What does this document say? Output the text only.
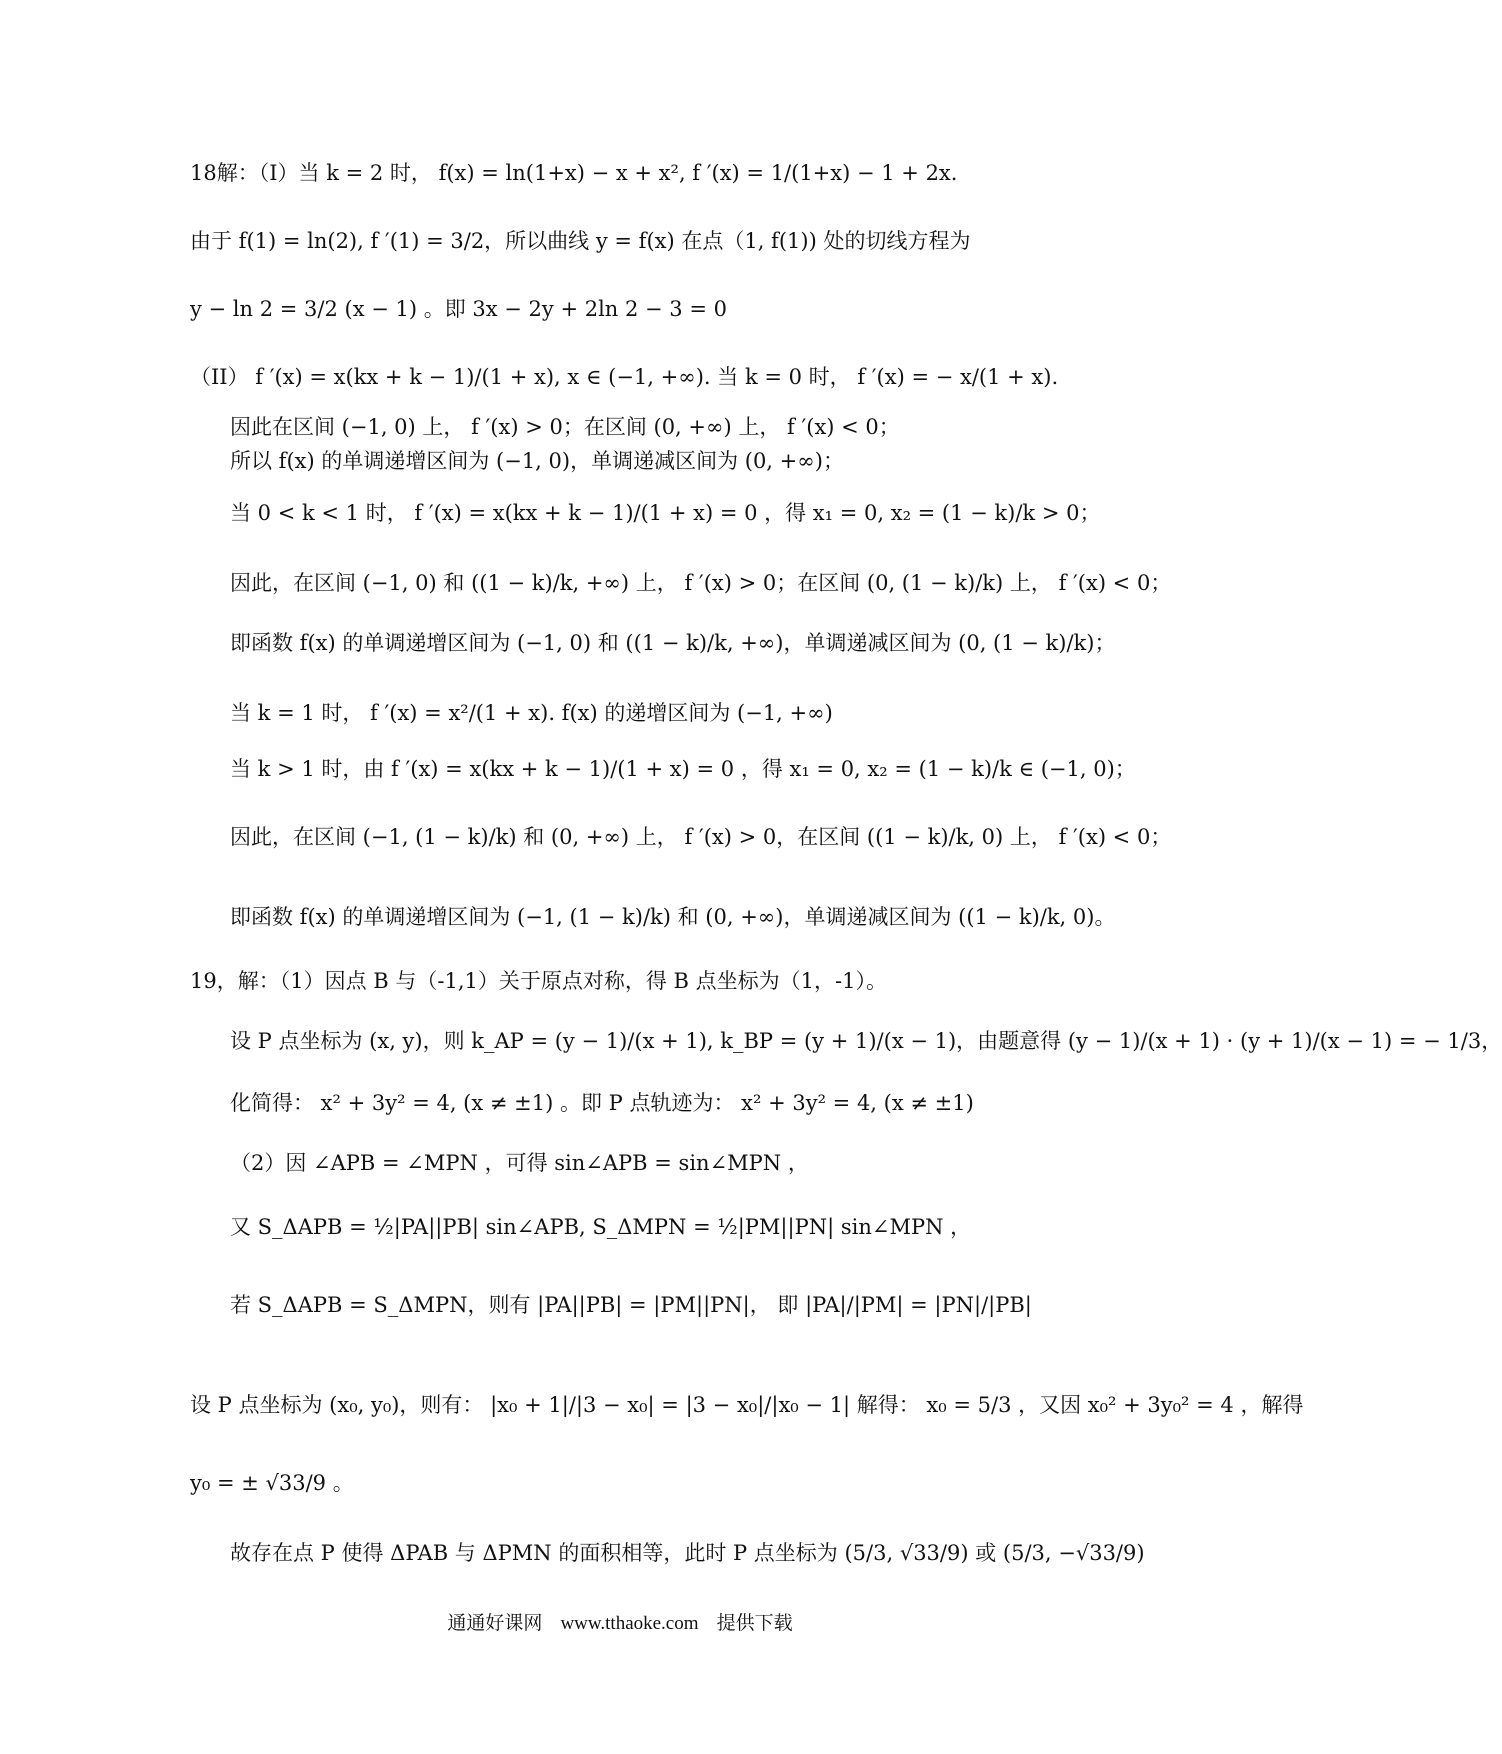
18解：（I）当 k = 2 时， f(x) = ln(1+x) − x + x², f ′(x) = 1/(1+x) − 1 + 2x.
由于 f(1) = ln(2), f ′(1) = 3/2，所以曲线 y = f(x) 在点（1, f(1)) 处的切线方程为
y − ln 2 = 3/2 (x − 1) 。即 3x − 2y + 2ln 2 − 3 = 0
（II） f ′(x) = x(kx + k − 1)/(1 + x), x ∈ (−1, +∞). 当 k = 0 时， f ′(x) = − x/(1 + x).
因此在区间 (−1, 0) 上， f ′(x) > 0；在区间 (0, +∞) 上， f ′(x) < 0；
所以 f(x) 的单调递增区间为 (−1, 0)，单调递减区间为 (0, +∞)；
当 0 < k < 1 时， f ′(x) = x(kx + k − 1)/(1 + x) = 0 ，得 x₁ = 0, x₂ = (1 − k)/k > 0；
因此，在区间 (−1, 0) 和 ((1 − k)/k, +∞) 上， f ′(x) > 0；在区间 (0, (1 − k)/k) 上， f ′(x) < 0；
即函数 f(x) 的单调递增区间为 (−1, 0) 和 ((1 − k)/k, +∞)，单调递减区间为 (0, (1 − k)/k)；
当 k = 1 时， f ′(x) = x²/(1 + x). f(x) 的递增区间为 (−1, +∞)
当 k > 1 时，由 f ′(x) = x(kx + k − 1)/(1 + x) = 0 ，得 x₁ = 0, x₂ = (1 − k)/k ∈ (−1, 0)；
因此，在区间 (−1, (1 − k)/k) 和 (0, +∞) 上， f ′(x) > 0，在区间 ((1 − k)/k, 0) 上， f ′(x) < 0；
即函数 f(x) 的单调递增区间为 (−1, (1 − k)/k) 和 (0, +∞)，单调递减区间为 ((1 − k)/k, 0)。
19，解：（1）因点 B 与（-1,1）关于原点对称，得 B 点坐标为（1，-1）。
设 P 点坐标为 (x, y)，则 k_AP = (y − 1)/(x + 1), k_BP = (y + 1)/(x − 1)，由题意得 (y − 1)/(x + 1) · (y + 1)/(x − 1) = − 1/3，
化简得： x² + 3y² = 4, (x ≠ ±1) 。即 P 点轨迹为： x² + 3y² = 4, (x ≠ ±1)
（2）因 ∠APB = ∠MPN ，可得 sin∠APB = sin∠MPN ，
又 S_ΔAPB = ½|PA||PB| sin∠APB, S_ΔMPN = ½|PM||PN| sin∠MPN ，
若 S_ΔAPB = S_ΔMPN，则有 |PA||PB| = |PM||PN|， 即 |PA|/|PM| = |PN|/|PB|
设 P 点坐标为 (x₀, y₀)，则有： |x₀ + 1|/|3 − x₀| = |3 − x₀|/|x₀ − 1| 解得： x₀ = 5/3 ，又因 x₀² + 3y₀² = 4 ，解得
y₀ = ± √33/9 。
故存在点 P 使得 ΔPAB 与 ΔPMN 的面积相等，此时 P 点坐标为 (5/3, √33/9) 或 (5/3, −√33/9)
通通好课网 www.tthaoke.com 提供下载
